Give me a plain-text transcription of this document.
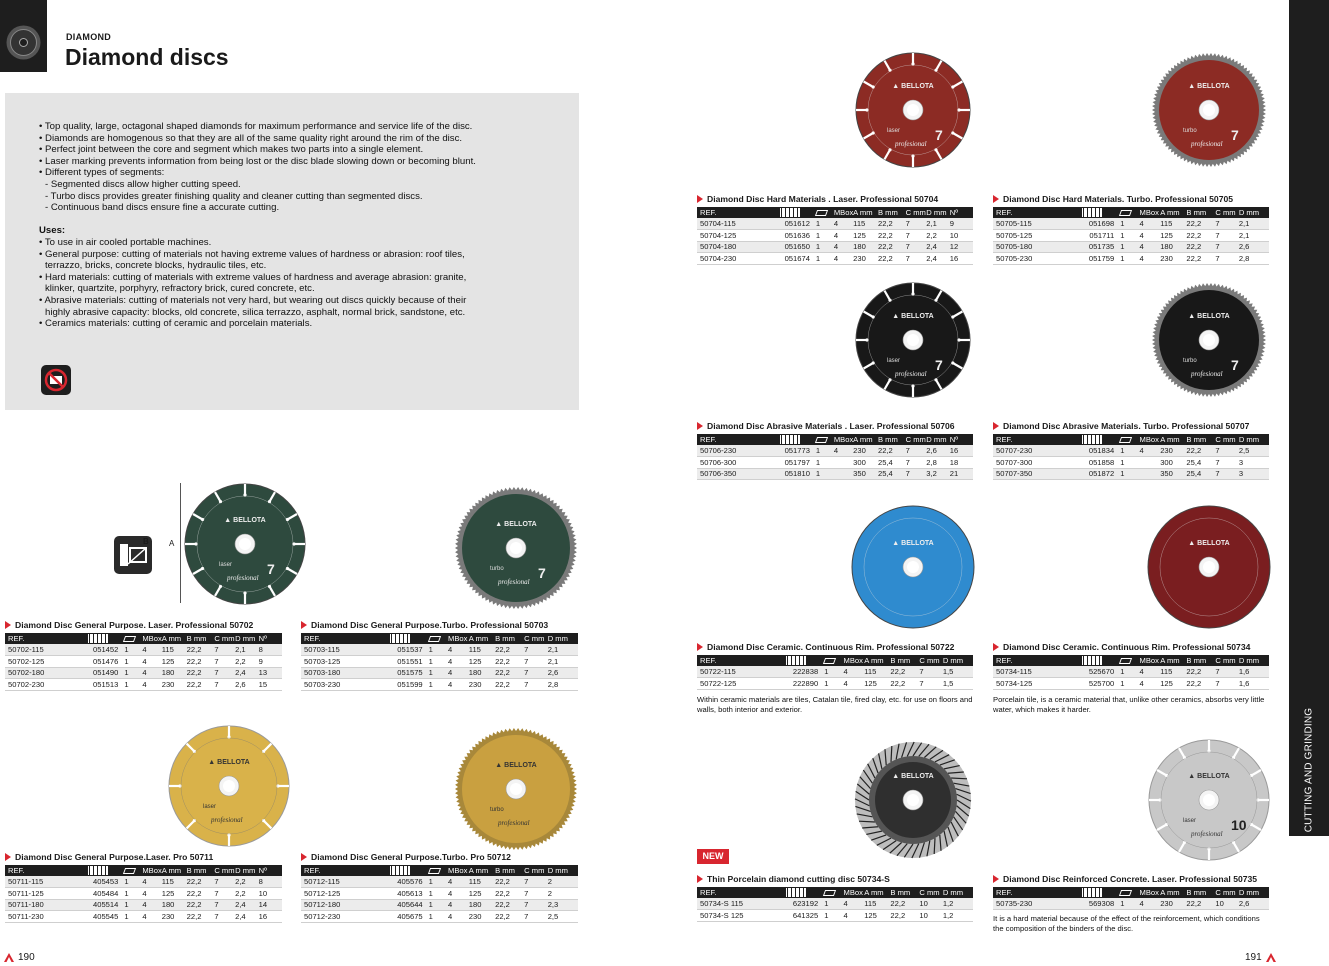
DIAMOND
Diamond discs
• Top quality, large, octagonal shaped diamonds for maximum performance and service life of the disc.
• Diamonds are homogenous so that they are all of the same quality right around the rim of the disc.
• Perfect joint between the core and segment which makes two parts into a single element.
• Laser marking prevents information from being lost or the disc blade slowing down or becoming blunt.
• Different types of segments:
- Segmented discs allow higher cutting speed.
- Turbo discs provides greater finishing quality and cleaner cutting than segmented discs.
- Continuous band discs ensure fine a accurate cutting.
Uses:
• To use in air cooled portable machines.
• General purpose: cutting of materials not having extreme values of hardness or abrasion: roof tiles,
terrazzo, bricks, concrete blocks, hydraulic tiles, etc.
• Hard materials: cutting of materials with extreme values of hardness and average abrasion: granite,
klinker, quartzite, porphyry, refractory brick, cured concrete, etc.
• Abrasive materials: cutting of materials not very hard, but wearing out discs quickly because of their
highly abrasive capacity: blocks, old concrete, silica terrazzo, asphalt, normal brick, sandstone, etc.
• Ceramics materials: cutting of ceramic and porcelain materials.
CUTTING AND GRINDING
B	A
▲ BELLOTA
laser
profesional
7
▲ BELLOTA
turbo
profesional
7
▲ BELLOTA
laser
profesional
7
▲ BELLOTA
turbo
profesional
7
▲ BELLOTA
laser
profesional
7
▲ BELLOTA
turbo
profesional
7
▲ BELLOTA	▲ BELLOTA
▲ BELLOTA
laser
profesional
▲ BELLOTA
turbo
profesional
▲ BELLOTA	▲ BELLOTA
laser
profesional
10
Diamond Disc Hard Materials . Laser. Professional 50704
REF.			MBox	A mm	B mm	C mm	D mm	Nº
50704-115	051612	1	4	115	22,2	7	2,1	9
50704-125	051636	1	4	125	22,2	7	2,2	10
50704-180	051650	1	4	180	22,2	7	2,4	12
50704-230	051674	1	4	230	22,2	7	2,4	16
Diamond Disc Hard Materials. Turbo. Professional 50705
REF.			MBox	A mm	B mm	C mm	D mm
50705-115	051698	1	4	115	22,2	7	2,1
50705-125	051711	1	4	125	22,2	7	2,1
50705-180	051735	1	4	180	22,2	7	2,6
50705-230	051759	1	4	230	22,2	7	2,8
Diamond Disc Abrasive Materials . Laser. Professional 50706
REF.			MBox	A mm	B mm	C mm	D mm	Nº
50706-230	051773	1	4	230	22,2	7	2,6	16
50706-300	051797	1		300	25,4	7	2,8	18
50706-350	051810	1		350	25,4	7	3,2	21
Diamond Disc Abrasive Materials. Turbo. Professional 50707
REF.			MBox	A mm	B mm	C mm	D mm
50707-230	051834	1	4	230	22,2	7	2,5
50707-300	051858	1		300	25,4	7	3
50707-350	051872	1		350	25,4	7	3
Diamond Disc General Purpose. Laser. Professional 50702
REF.			MBox	A mm	B mm	C mm	D mm	Nº
50702-115	051452	1	4	115	22,2	7	2,1	8
50702-125	051476	1	4	125	22,2	7	2,2	9
50702-180	051490	1	4	180	22,2	7	2,4	13
50702-230	051513	1	4	230	22,2	7	2,6	15
Diamond Disc General Purpose.Turbo. Professional 50703
REF.			MBox	A mm	B mm	C mm	D mm
50703-115	051537	1	4	115	22,2	7	2,1
50703-125	051551	1	4	125	22,2	7	2,1
50703-180	051575	1	4	180	22,2	7	2,6
50703-230	051599	1	4	230	22,2	7	2,8
Diamond Disc Ceramic. Continuous Rim. Professional 50722
REF.			MBox	A mm	B mm	C mm	D mm
50722-115	222838	1	4	115	22,2	7	1,5
50722-125	222890	1	4	125	22,2	7	1,5
Within ceramic materials are tiles, Catalan tile, fired clay, etc. for use on floors and walls, both interior and exterior.
Diamond Disc Ceramic. Continuous Rim. Professional 50734
REF.			MBox	A mm	B mm	C mm	D mm
50734-115	525670	1	4	115	22,2	7	1,6
50734-125	525700	1	4	125	22,2	7	1,6
Porcelain tile, is a ceramic material that, unlike other ceramics, absorbs very little water, which makes it harder.
Diamond Disc General Purpose.Laser. Pro 50711
REF.			MBox	A mm	B mm	C mm	D mm	Nº
50711-115	405453	1	4	115	22,2	7	2,2	8
50711-125	405484	1	4	125	22,2	7	2,2	10
50711-180	405514	1	4	180	22,2	7	2,4	14
50711-230	405545	1	4	230	22,2	7	2,4	16
Diamond Disc General Purpose.Turbo. Pro 50712
REF.			MBox	A mm	B mm	C mm	D mm
50712-115	405576	1	4	115	22,2	7	2
50712-125	405613	1	4	125	22,2	7	2
50712-180	405644	1	4	180	22,2	7	2,3
50712-230	405675	1	4	230	22,2	7	2,5
Thin Porcelain diamond cutting disc 50734-S
REF.			MBox	A mm	B mm	C mm	D mm
50734-S 115	623192	1	4	115	22,2	10	1,2
50734-S 125	641325	1	4	125	22,2	10	1,2
Diamond Disc Reinforced Concrete. Laser. Professional 50735
REF.			MBox	A mm	B mm	C mm	D mm
50735-230	569308	1	4	230	22,2	10	2,6
It is a hard material because of the effect of the reinforcement, which conditions the composition of the binders of the disc.
NEW
190	191
